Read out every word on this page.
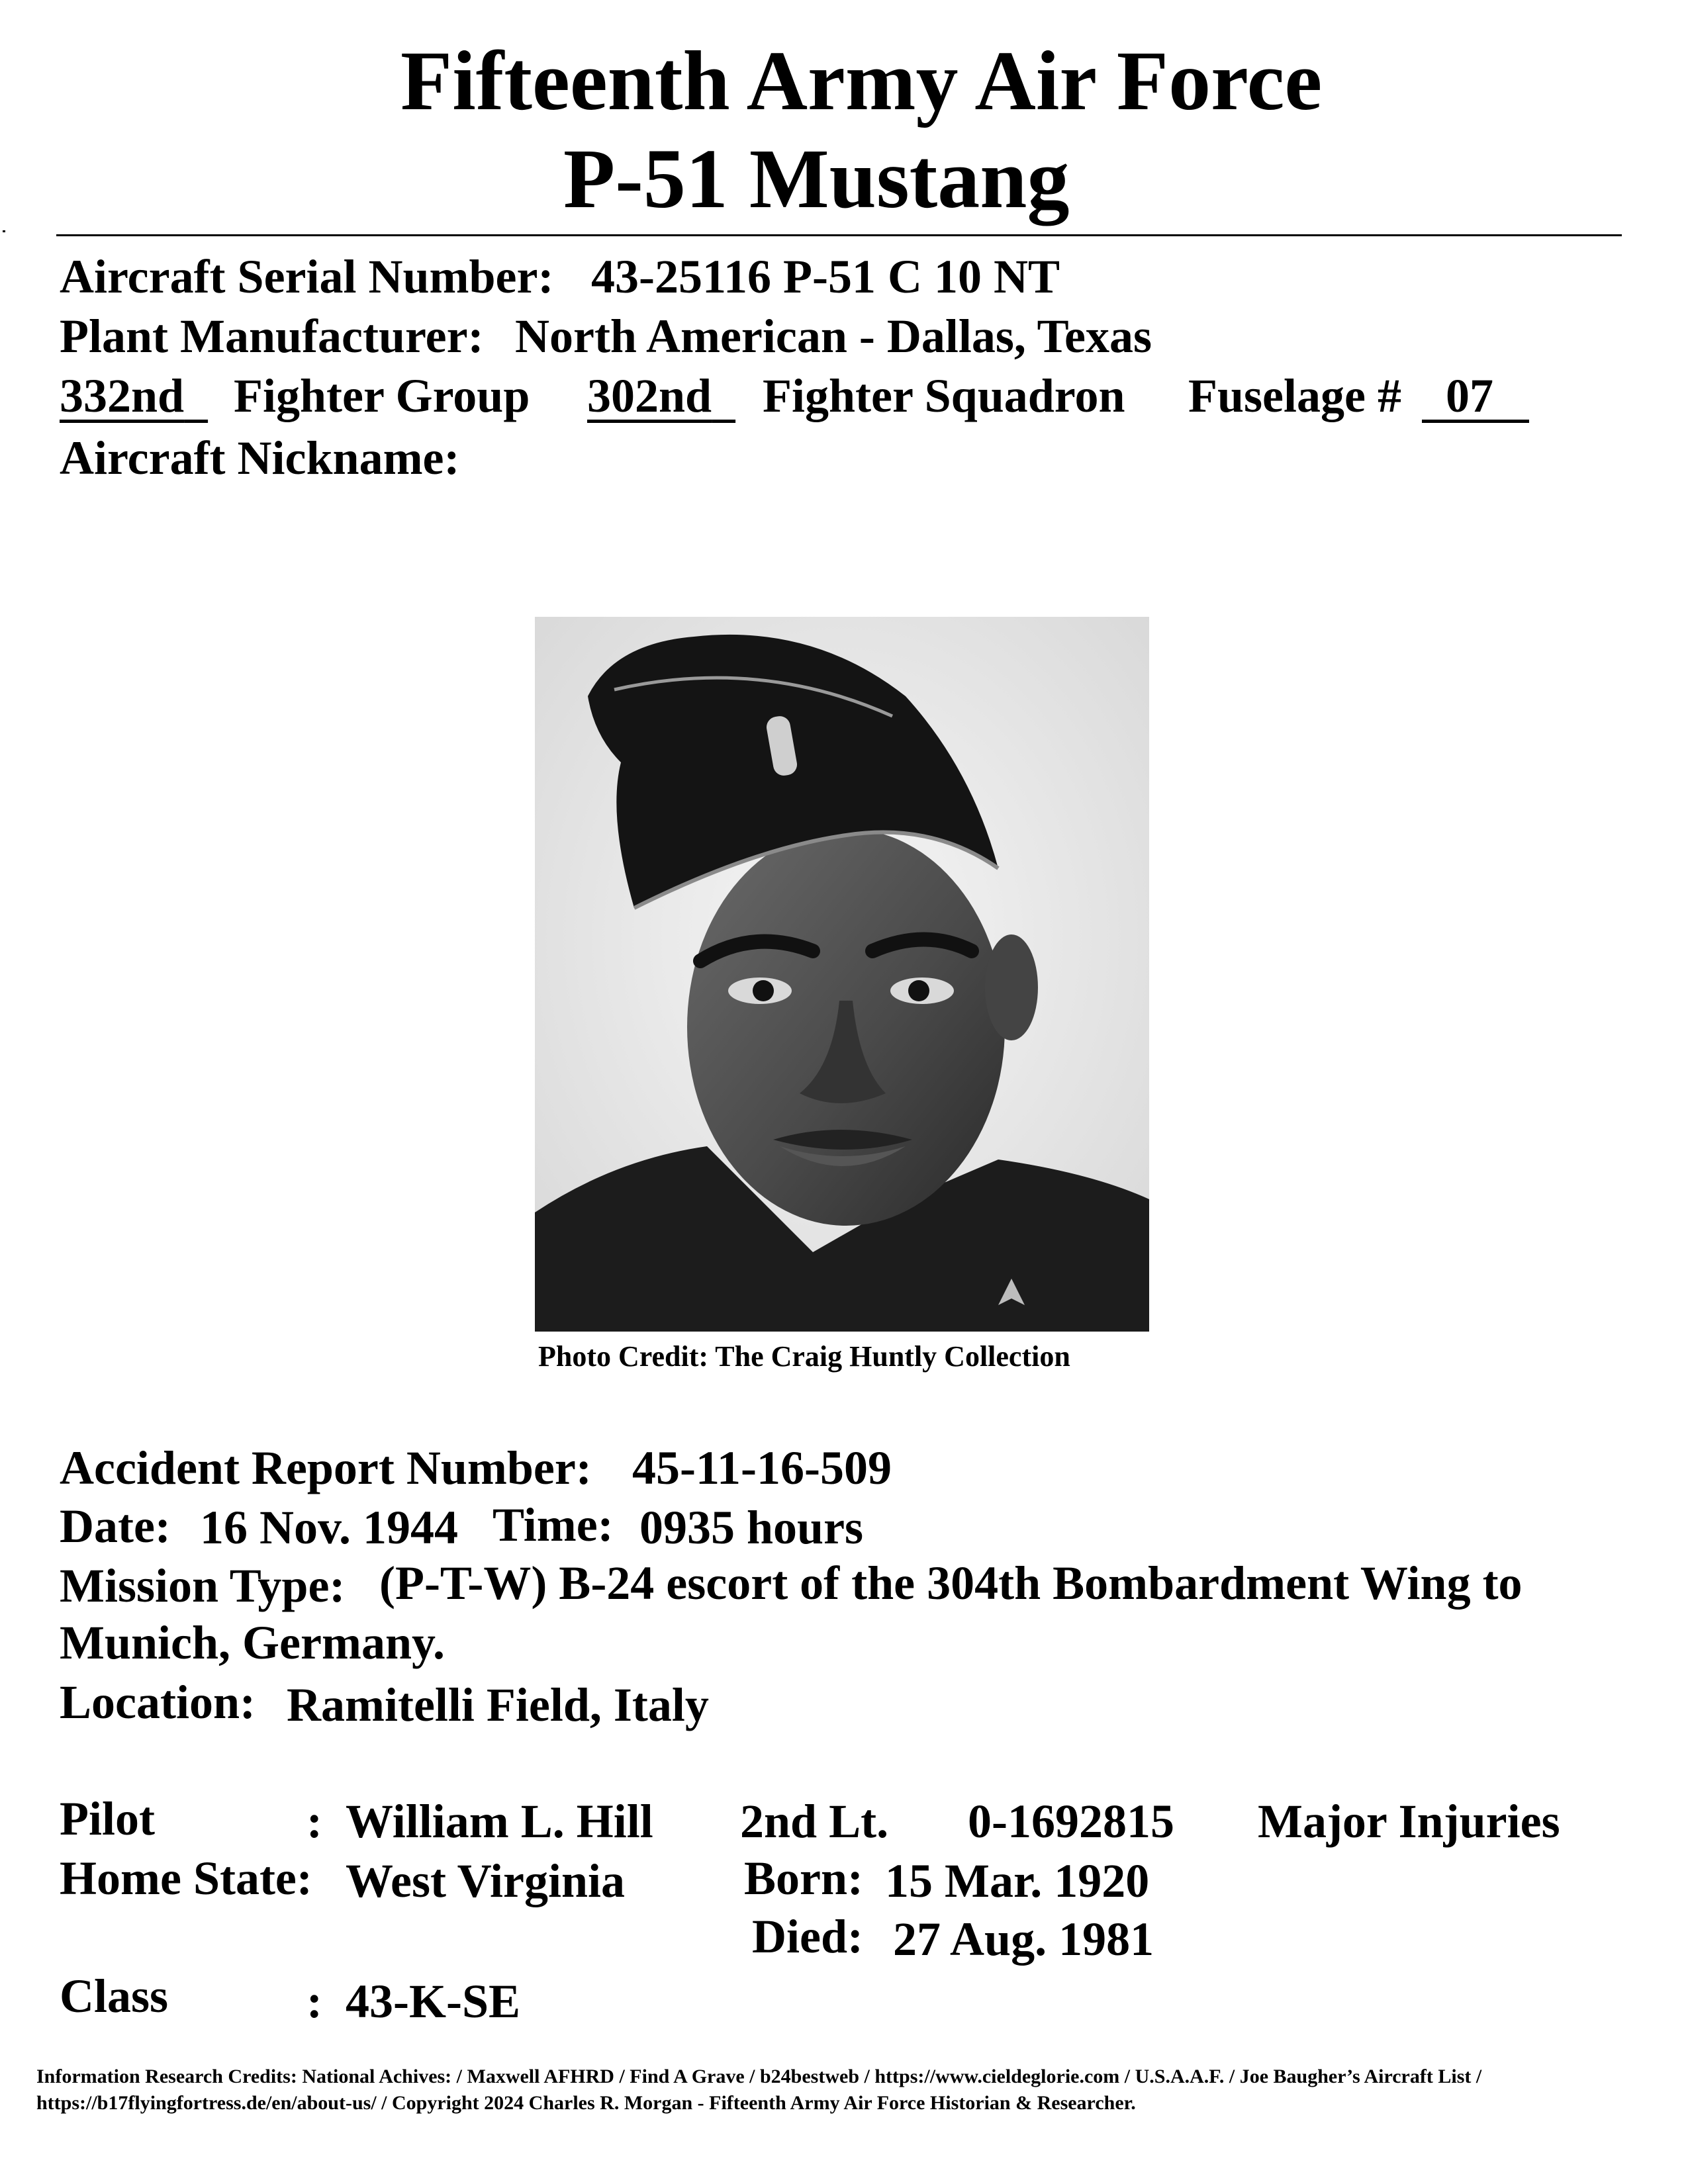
Fifteenth Army Air Force
P-51 Mustang
Aircraft Serial Number: 43-25116 P-51 C 10 NT
Plant Manufacturer: North American - Dallas, Texas
332nd	Fighter Group 302nd	Fighter Squadron Fuselage # 07
Aircraft Nickname:
Photo Credit: The Craig Huntly Collection
Accident Report Number: 45-11-16-509
Date: 16 Nov. 1944 Time: 0935 hours
Mission Type: (P-T-W) B-24 escort of the 304th Bombardment Wing to
Munich, Germany.
Location: Ramitelli Field, Italy
Pilot	: William L. Hill 2nd Lt. 0-1692815 Major Injuries
Home State: West Virginia Born: 15 Mar. 1920
Died: 27 Aug. 1981
Class	: 43-K-SE
Information Research Credits: National Achives: / Maxwell AFHRD / Find A Grave / b24bestweb / https://www.cieldeglorie.com / U.S.A.A.F. / Joe Baugher’s Aircraft List /
https://b17flyingfortress.de/en/about-us/ / Copyright 2024 Charles R. Morgan - Fifteenth Army Air Force Historian & Researcher.
